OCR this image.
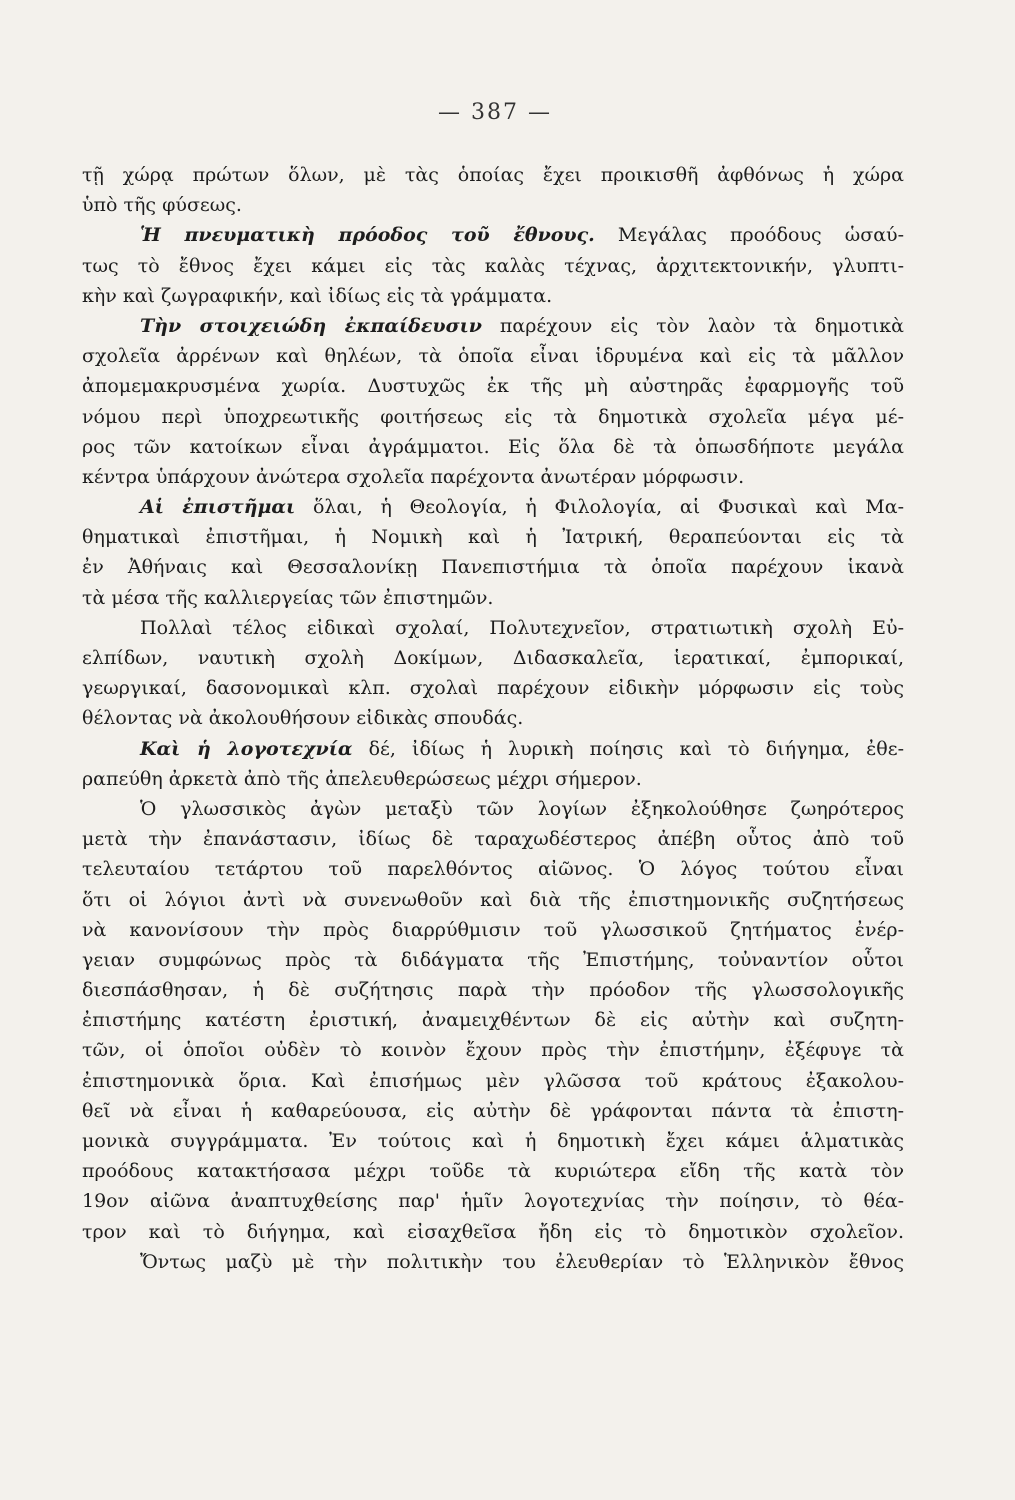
— 387 —
τῇ χώρᾳ πρώτων ὅλων, μὲ τὰς ὁποίας ἔχει προικισθῆ ἀφθόνως ἡ χώρα
ὑπὸ τῆς φύσεως.
Ἡ πνευματικὴ πρόοδος τοῦ ἔθνους. Μεγάλας προόδους ὡσαύ-
τως τὸ ἔθνος ἔχει κάμει εἰς τὰς καλὰς τέχνας, ἀρχιτεκτονικήν, γλυπτι-
κὴν καὶ ζωγραφικήν, καὶ ἰδίως εἰς τὰ γράμματα.
Τὴν στοιχειώδη ἐκπαίδευσιν παρέχουν εἰς τὸν λαὸν τὰ δημοτικὰ
σχολεῖα ἀρρένων καὶ θηλέων, τὰ ὁποῖα εἶναι ἱδρυμένα καὶ εἰς τὰ μᾶλλον
ἀπομεμακρυσμένα χωρία. Δυστυχῶς ἐκ τῆς μὴ αὐστηρᾶς ἐφαρμογῆς τοῦ
νόμου περὶ ὑποχρεωτικῆς φοιτήσεως εἰς τὰ δημοτικὰ σχολεῖα μέγα μέ-
ρος τῶν κατοίκων εἶναι ἀγράμματοι. Εἰς ὅλα δὲ τὰ ὁπωσδήποτε μεγάλα
κέντρα ὑπάρχουν ἀνώτερα σχολεῖα παρέχοντα ἀνωτέραν μόρφωσιν.
Αἱ ἐπιστῆμαι ὅλαι, ἡ Θεολογία, ἡ Φιλολογία, αἱ Φυσικαὶ καὶ Μα-
θηματικαὶ ἐπιστῆμαι, ἡ Νομικὴ καὶ ἡ Ἰατρική, θεραπεύονται εἰς τὰ
ἐν Ἀθήναις καὶ Θεσσαλονίκῃ Πανεπιστήμια τὰ ὁποῖα παρέχουν ἱκανὰ
τὰ μέσα τῆς καλλιεργείας τῶν ἐπιστημῶν.
Πολλαὶ τέλος εἰδικαὶ σχολαί, Πολυτεχνεῖον, στρατιωτικὴ σχολὴ Εὐ-
ελπίδων, ναυτικὴ σχολὴ Δοκίμων, Διδασκαλεῖα, ἱερατικαί, ἐμπορικαί,
γεωργικαί, δασονομικαὶ κλπ. σχολαὶ παρέχουν εἰδικὴν μόρφωσιν εἰς τοὺς
θέλοντας νὰ ἀκολουθήσουν εἰδικὰς σπουδάς.
Καὶ ἡ λογοτεχνία δέ, ἰδίως ἡ λυρικὴ ποίησις καὶ τὸ διήγημα, ἐθε-
ραπεύθη ἀρκετὰ ἀπὸ τῆς ἀπελευθερώσεως μέχρι σήμερον.
Ὁ γλωσσικὸς ἀγὼν μεταξὺ τῶν λογίων ἐξηκολούθησε ζωηρότερος
μετὰ τὴν ἐπανάστασιν, ἰδίως δὲ ταραχωδέστερος ἀπέβη οὗτος ἀπὸ τοῦ
τελευταίου τετάρτου τοῦ παρελθόντος αἰῶνος. Ὁ λόγος τούτου εἶναι
ὅτι οἱ λόγιοι ἀντὶ νὰ συνενωθοῦν καὶ διὰ τῆς ἐπιστημονικῆς συζητήσεως
νὰ κανονίσουν τὴν πρὸς διαρρύθμισιν τοῦ γλωσσικοῦ ζητήματος ἐνέρ-
γειαν συμφώνως πρὸς τὰ διδάγματα τῆς Ἐπιστήμης, τοὐναντίον οὗτοι
διεσπάσθησαν, ἡ δὲ συζήτησις παρὰ τὴν πρόοδον τῆς γλωσσολογικῆς
ἐπιστήμης κατέστη ἐριστική, ἀναμειχθέντων δὲ εἰς αὐτὴν καὶ συζητη-
τῶν, οἱ ὁποῖοι οὐδὲν τὸ κοινὸν ἔχουν πρὸς τὴν ἐπιστήμην, ἐξέφυγε τὰ
ἐπιστημονικὰ ὅρια. Καὶ ἐπισήμως μὲν γλῶσσα τοῦ κράτους ἐξακολου-
θεῖ νὰ εἶναι ἡ καθαρεύουσα, εἰς αὐτὴν δὲ γράφονται πάντα τὰ ἐπιστη-
μονικὰ συγγράμματα. Ἐν τούτοις καὶ ἡ δημοτικὴ ἔχει κάμει ἁλματικὰς
προόδους κατακτήσασα μέχρι τοῦδε τὰ κυριώτερα εἴδη τῆς κατὰ τὸν
19ον αἰῶνα ἀναπτυχθείσης παρ' ἡμῖν λογοτεχνίας τὴν ποίησιν, τὸ θέα-
τρον καὶ τὸ διήγημα, καὶ εἰσαχθεῖσα ἤδη εἰς τὸ δημοτικὸν σχολεῖον.
Ὄντως μαζὺ μὲ τὴν πολιτικὴν του ἐλευθερίαν τὸ Ἑλληνικὸν ἔθνος
